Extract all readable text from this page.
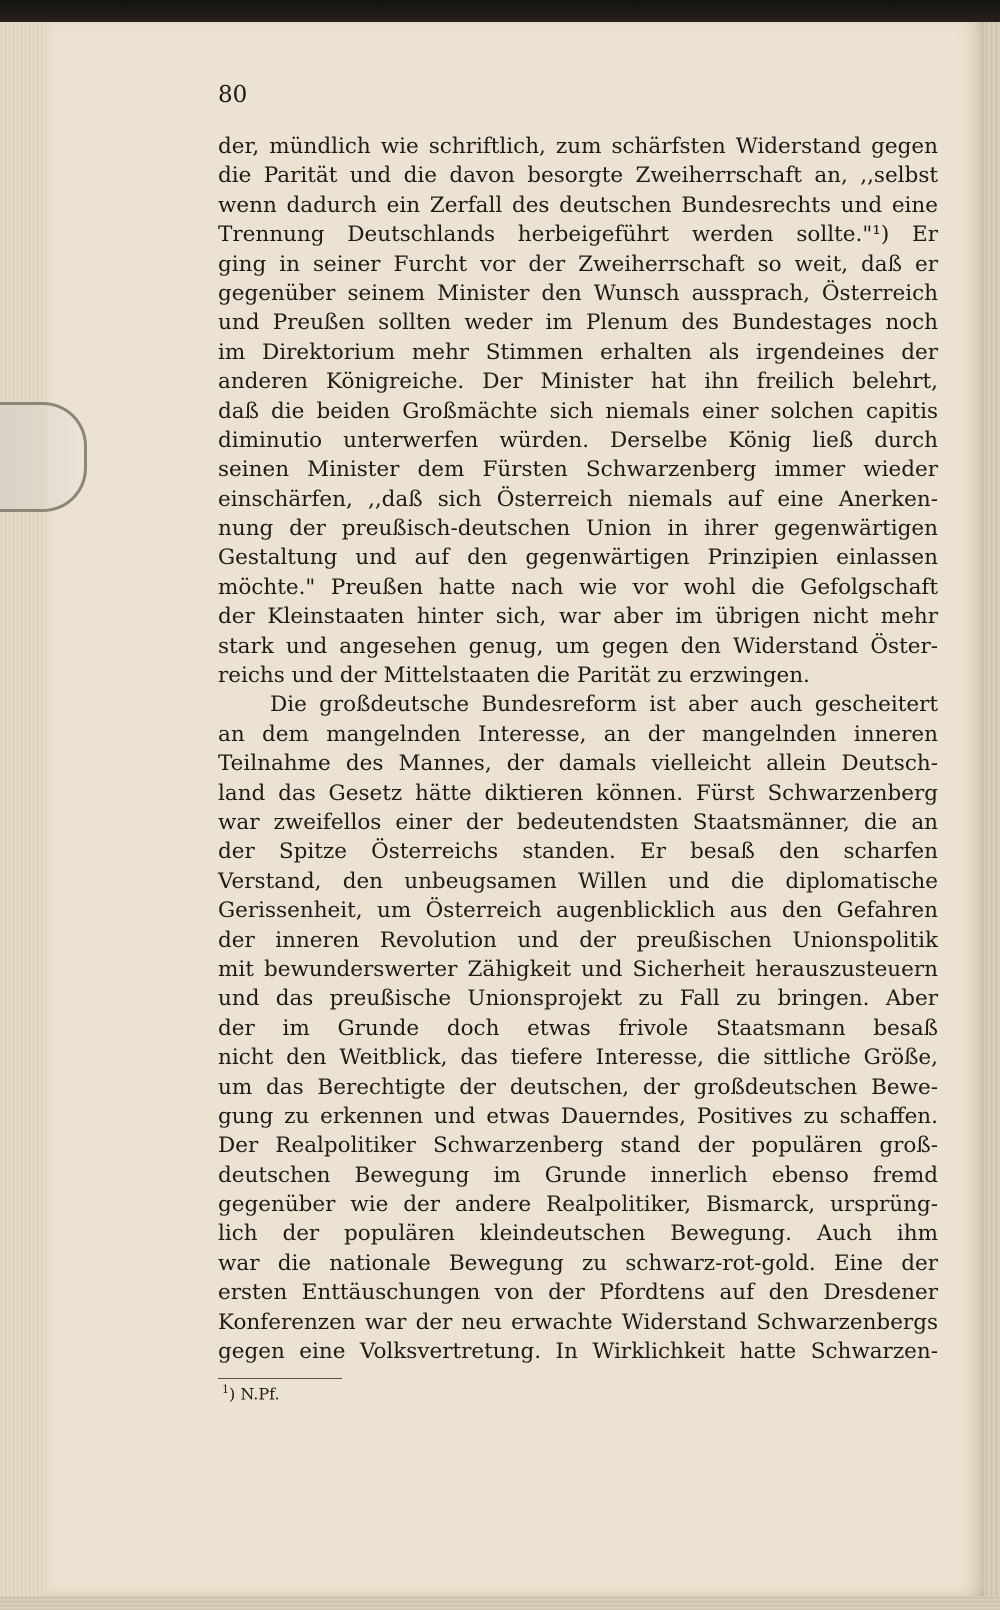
80

der, mündlich wie schriftlich, zum schärfsten Widerstand gegen
die Parität und die davon besorgte Zweiherrschaft an, ,,selbst
wenn dadurch ein Zerfall des deutschen Bundesrechts und eine
Trennung Deutschlands herbeigeführt werden sollte."¹) Er
ging in seiner Furcht vor der Zweiherrschaft so weit, daß er
gegenüber seinem Minister den Wunsch aussprach, Österreich
und Preußen sollten weder im Plenum des Bundestages noch
im Direktorium mehr Stimmen erhalten als irgendeines der
anderen Königreiche. Der Minister hat ihn freilich belehrt,
daß die beiden Großmächte sich niemals einer solchen capitis
diminutio unterwerfen würden. Derselbe König ließ durch
seinen Minister dem Fürsten Schwarzenberg immer wieder
einschärfen, ,,daß sich Österreich niemals auf eine Anerken-
nung der preußisch-deutschen Union in ihrer gegenwärtigen
Gestaltung und auf den gegenwärtigen Prinzipien einlassen
möchte." Preußen hatte nach wie vor wohl die Gefolgschaft
der Kleinstaaten hinter sich, war aber im übrigen nicht mehr
stark und angesehen genug, um gegen den Widerstand Öster-
reichs und der Mittelstaaten die Parität zu erzwingen.
Die großdeutsche Bundesreform ist aber auch gescheitert
an dem mangelnden Interesse, an der mangelnden inneren
Teilnahme des Mannes, der damals vielleicht allein Deutsch-
land das Gesetz hätte diktieren können. Fürst Schwarzenberg
war zweifellos einer der bedeutendsten Staatsmänner, die an
der Spitze Österreichs standen. Er besaß den scharfen
Verstand, den unbeugsamen Willen und die diplomatische
Gerissenheit, um Österreich augenblicklich aus den Gefahren
der inneren Revolution und der preußischen Unionspolitik
mit bewunderswerter Zähigkeit und Sicherheit herauszusteuern
und das preußische Unionsprojekt zu Fall zu bringen. Aber
der im Grunde doch etwas frivole Staatsmann besaß
nicht den Weitblick, das tiefere Interesse, die sittliche Größe,
um das Berechtigte der deutschen, der großdeutschen Bewe-
gung zu erkennen und etwas Dauerndes, Positives zu schaffen.
Der Realpolitiker Schwarzenberg stand der populären groß-
deutschen Bewegung im Grunde innerlich ebenso fremd
gegenüber wie der andere Realpolitiker, Bismarck, ursprüng-
lich der populären kleindeutschen Bewegung. Auch ihm
war die nationale Bewegung zu schwarz-rot-gold. Eine der
ersten Enttäuschungen von der Pfordtens auf den Dresdener
Konferenzen war der neu erwachte Widerstand Schwarzenbergs
gegen eine Volksvertretung. In Wirklichkeit hatte Schwarzen-

$^1$) N.Pf.
